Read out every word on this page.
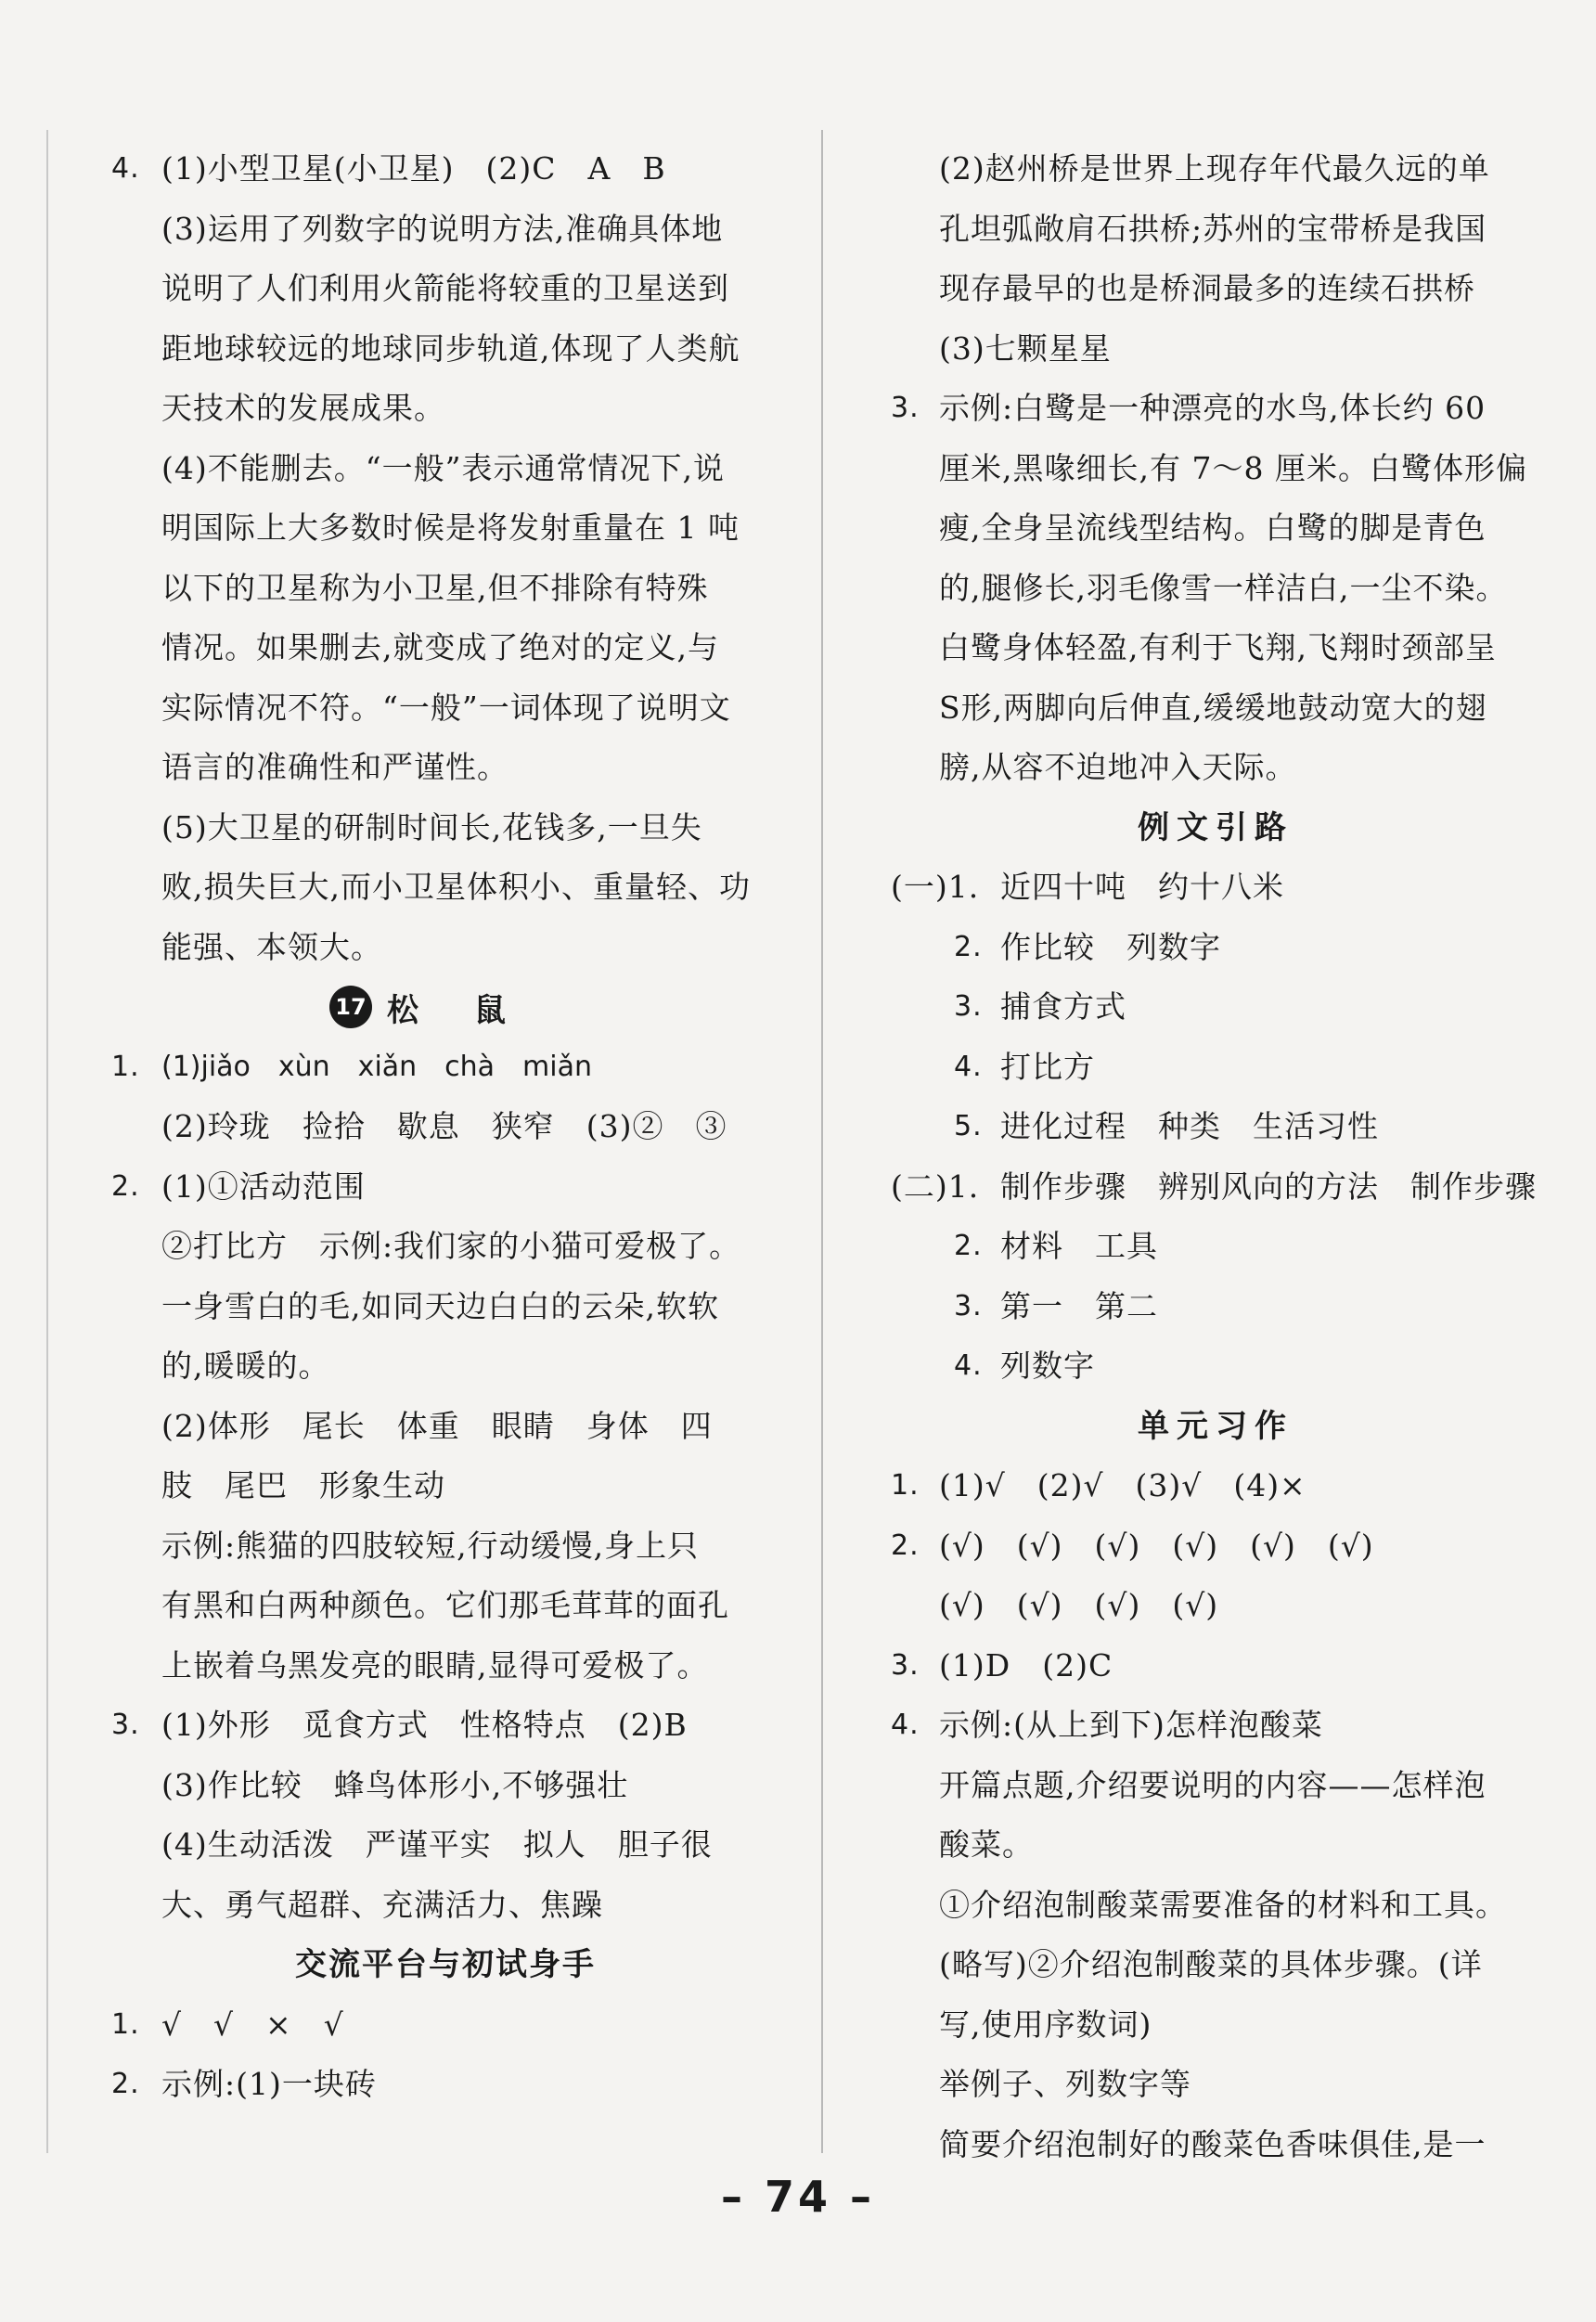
4. (1)小型卫星(小卫星)　(2)C　A　B
(3)运用了列数字的说明方法,准确具体地
说明了人们利用火箭能将较重的卫星送到
距地球较远的地球同步轨道,体现了人类航
天技术的发展成果。
(4)不能删去。“一般”表示通常情况下,说
明国际上大多数时候是将发射重量在 1 吨
以下的卫星称为小卫星,但不排除有特殊
情况。如果删去,就变成了绝对的定义,与
实际情况不符。“一般”一词体现了说明文
语言的准确性和严谨性。
(5)大卫星的研制时间长,花钱多,一旦失
败,损失巨大,而小卫星体积小、重量轻、功
能强、本领大。
17 松鼠
1. (1)jiǎo　xùn　xiǎn　chà　miǎn
(2)玲珑　捡拾　歇息　狭窄　(3)②　③
2. (1)①活动范围
②打比方　示例:我们家的小猫可爱极了。
一身雪白的毛,如同天边白白的云朵,软软
的,暖暖的。
(2)体形　尾长　体重　眼睛　身体　四
肢　尾巴　形象生动
示例:熊猫的四肢较短,行动缓慢,身上只
有黑和白两种颜色。它们那毛茸茸的面孔
上嵌着乌黑发亮的眼睛,显得可爱极了。
3. (1)外形　觅食方式　性格特点　(2)B
(3)作比较　蜂鸟体形小,不够强壮
(4)生动活泼　严谨平实　拟人　胆子很
大、勇气超群、充满活力、焦躁
交流平台与初试身手
1. √　√　×　√
2. 示例:(1)一块砖
(2)赵州桥是世界上现存年代最久远的单
孔坦弧敞肩石拱桥;苏州的宝带桥是我国
现存最早的也是桥洞最多的连续石拱桥
(3)七颗星星
3. 示例:白鹭是一种漂亮的水鸟,体长约 60
厘米,黑喙细长,有 7～8 厘米。白鹭体形偏
瘦,全身呈流线型结构。白鹭的脚是青色
的,腿修长,羽毛像雪一样洁白,一尘不染。
白鹭身体轻盈,有利于飞翔,飞翔时颈部呈
S形,两脚向后伸直,缓缓地鼓动宽大的翅
膀,从容不迫地冲入天际。
例文引路
(一)1. 近四十吨　约十八米
2. 作比较　列数字
3. 捕食方式
4. 打比方
5. 进化过程　种类　生活习性
(二)1. 制作步骤　辨别风向的方法　制作步骤
2. 材料　工具
3. 第一　第二
4. 列数字
单元习作
1. (1)√　(2)√　(3)√　(4)×
2. (√)　(√)　(√)　(√)　(√)　(√)
(√)　(√)　(√)　(√)
3. (1)D　(2)C
4. 示例:(从上到下)怎样泡酸菜
开篇点题,介绍要说明的内容——怎样泡
酸菜。
①介绍泡制酸菜需要准备的材料和工具。
(略写)②介绍泡制酸菜的具体步骤。(详
写,使用序数词)
举例子、列数字等
简要介绍泡制好的酸菜色香味俱佳,是一
– 74 –
